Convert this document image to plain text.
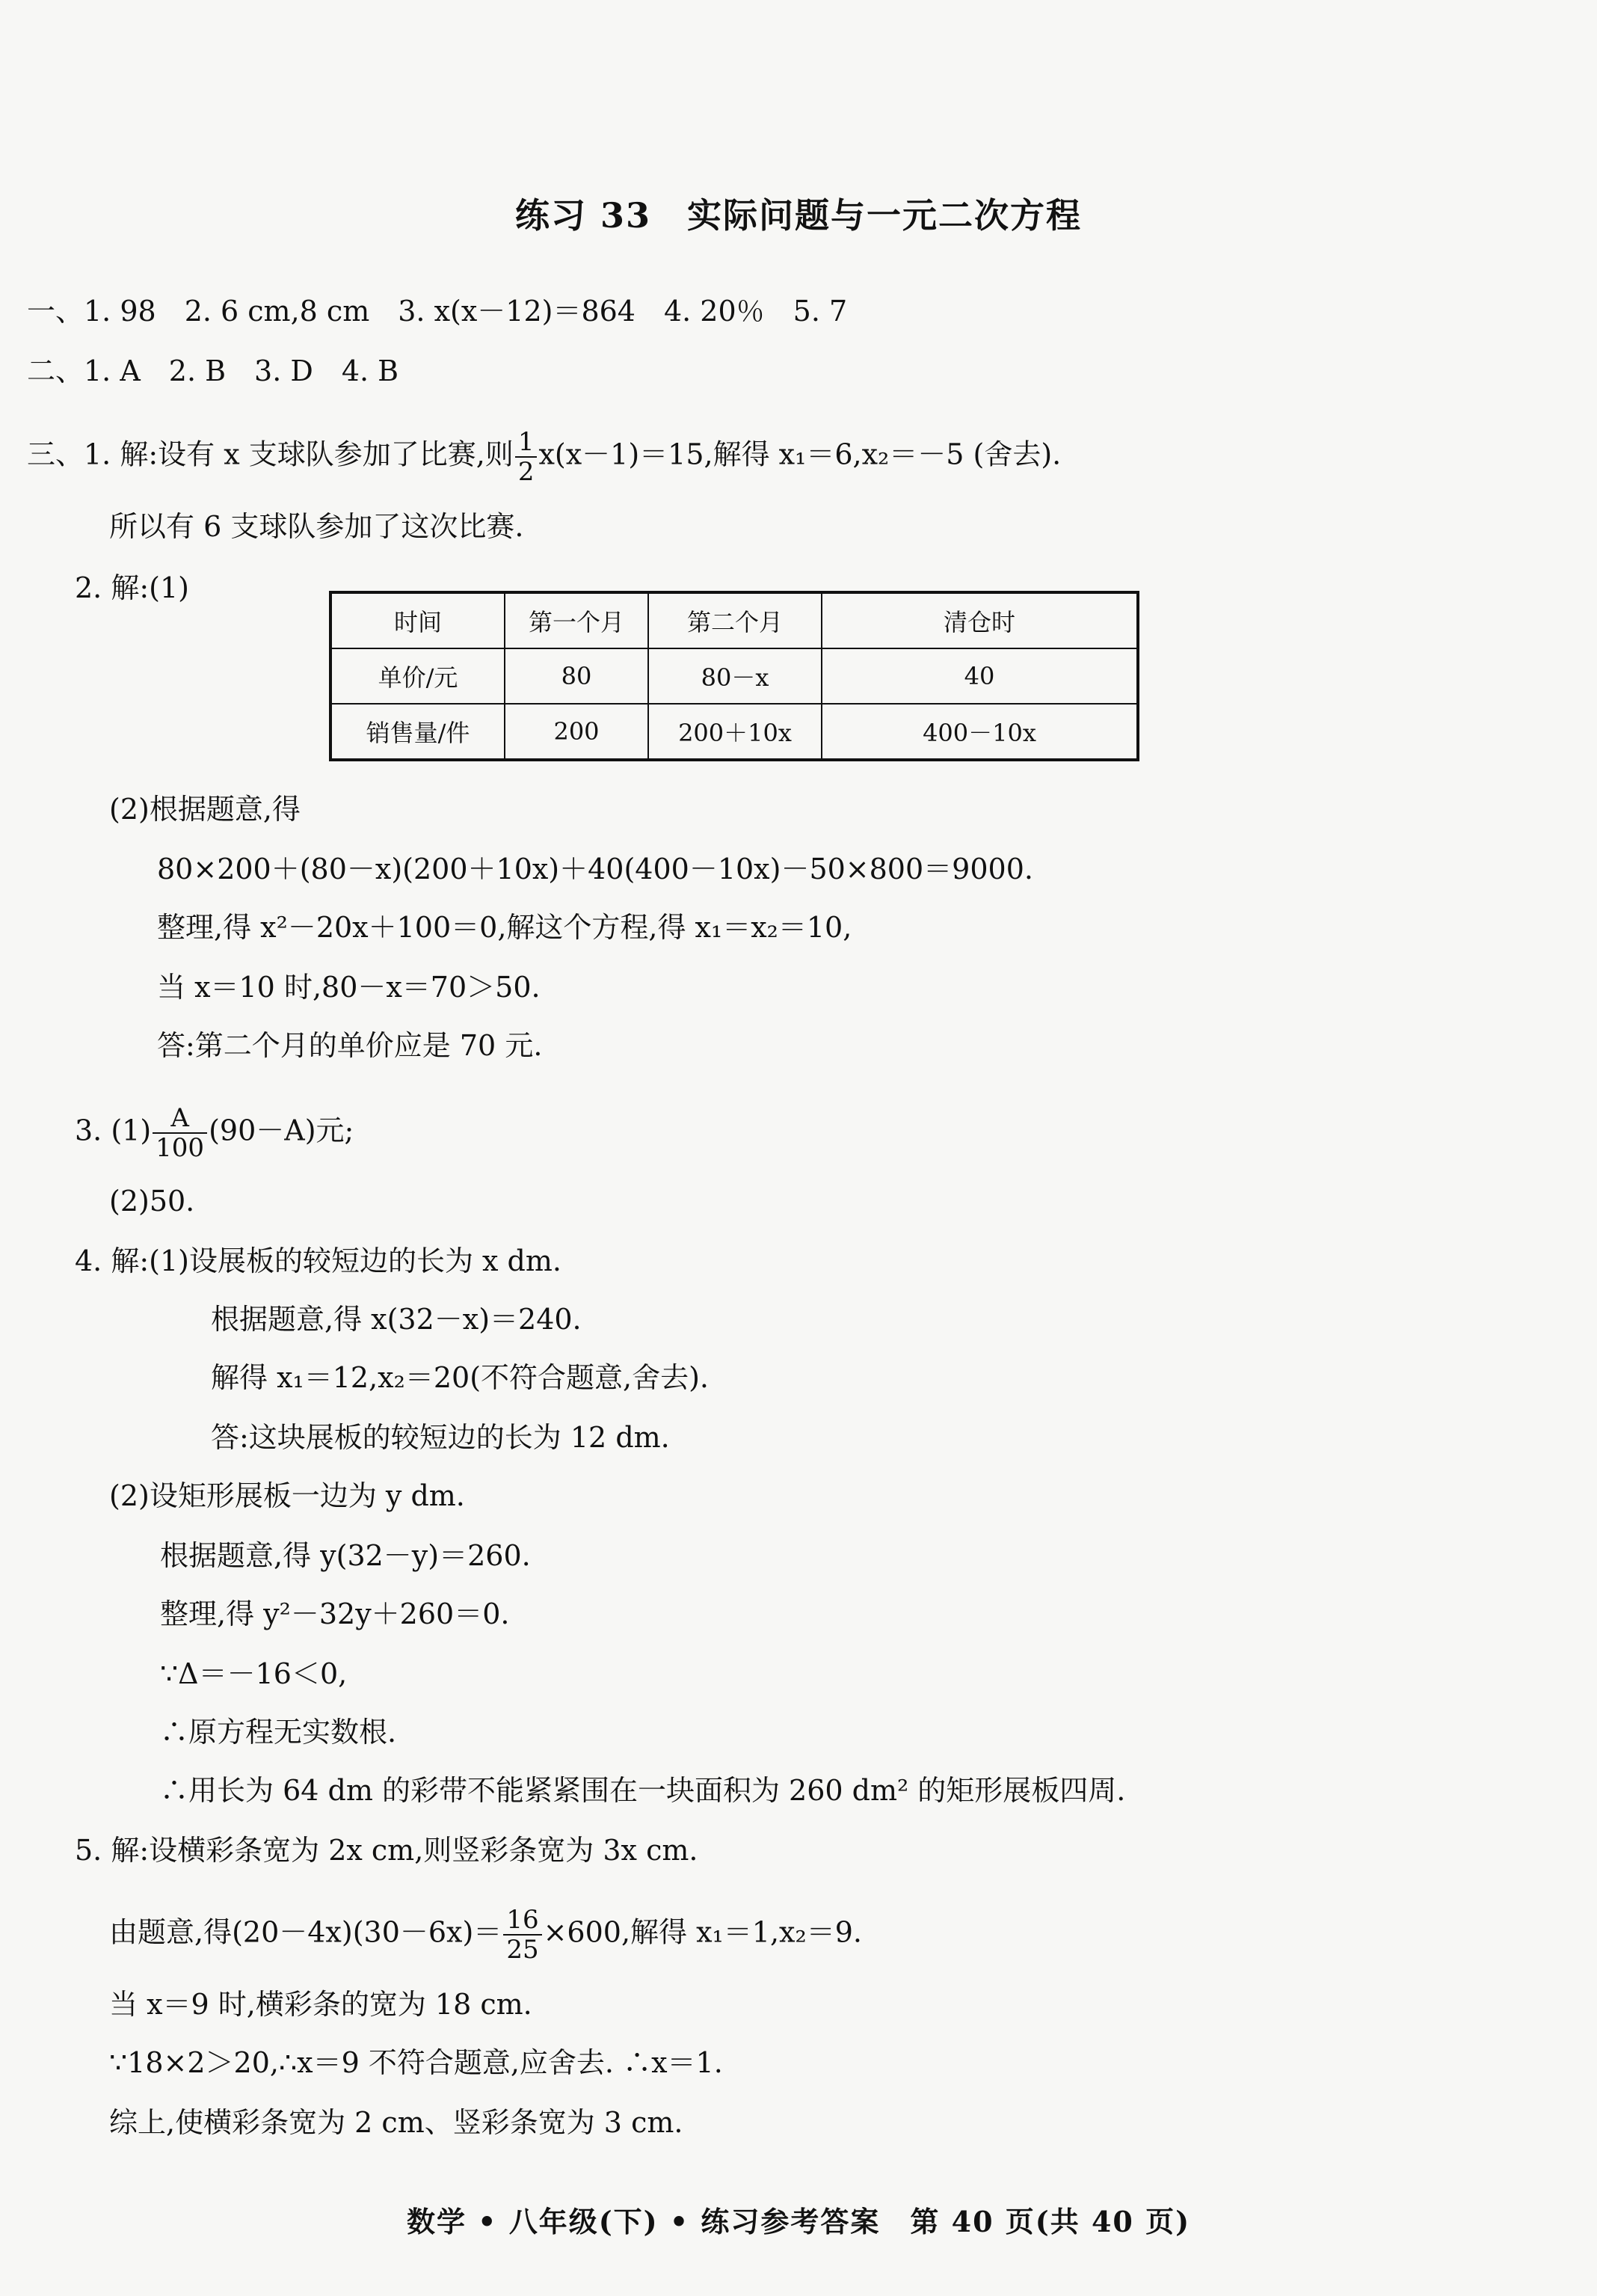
练习 33　实际问题与一元二次方程
一、1. 98　2. 6 cm,8 cm　3. x(x－12)＝864　4. 20％　5. 7
二、1. A　2. B　3. D　4. B
三、1. 解:设有 x 支球队参加了比赛,则 $\frac{1}{2} x(x-1)=15$,解得 x₁＝6,x₂＝－5 (舍去).
所以有 6 支球队参加了这次比赛.
2. 解:(1)
时间	第一个月	第二个月	清仓时
单价/元	80	80－x	40
销售量/件	200	200＋10x	400－10x
(2)根据题意,得
80×200＋(80－x)(200＋10x)＋40(400－10x)－50×800＝9000.
整理,得 x²－20x＋100＝0,解这个方程,得 x₁＝x₂＝10,
当 x＝10 时,80－x＝70＞50.
答:第二个月的单价应是 70 元.
3. $(1) \frac{A}{100} (90-A)$元;
(2)50.
4. 解:(1)设展板的较短边的长为 x dm.
根据题意,得 x(32－x)＝240.
解得 x₁＝12,x₂＝20(不符合题意,舍去).
答:这块展板的较短边的长为 12 dm.
(2)设矩形展板一边为 y dm.
根据题意,得 y(32－y)＝260.
整理,得 y²－32y＋260＝0.
∵Δ＝－16＜0,
∴原方程无实数根.
∴用长为 64 dm 的彩带不能紧紧围在一块面积为 260 dm² 的矩形展板四周.
5. 解:设横彩条宽为 2x cm,则竖彩条宽为 3x cm.
由题意,得$(20-4x)(30-6x)= \frac{16}{25} \times 600$,解得 x₁＝1,x₂＝9.
当 x＝9 时,横彩条的宽为 18 cm.
∵18×2＞20,∴x＝9 不符合题意,应舍去. ∴x＝1.
综上,使横彩条宽为 2 cm、竖彩条宽为 3 cm.
数学 • 八年级(下) • 练习参考答案　第 40 页(共 40 页)
